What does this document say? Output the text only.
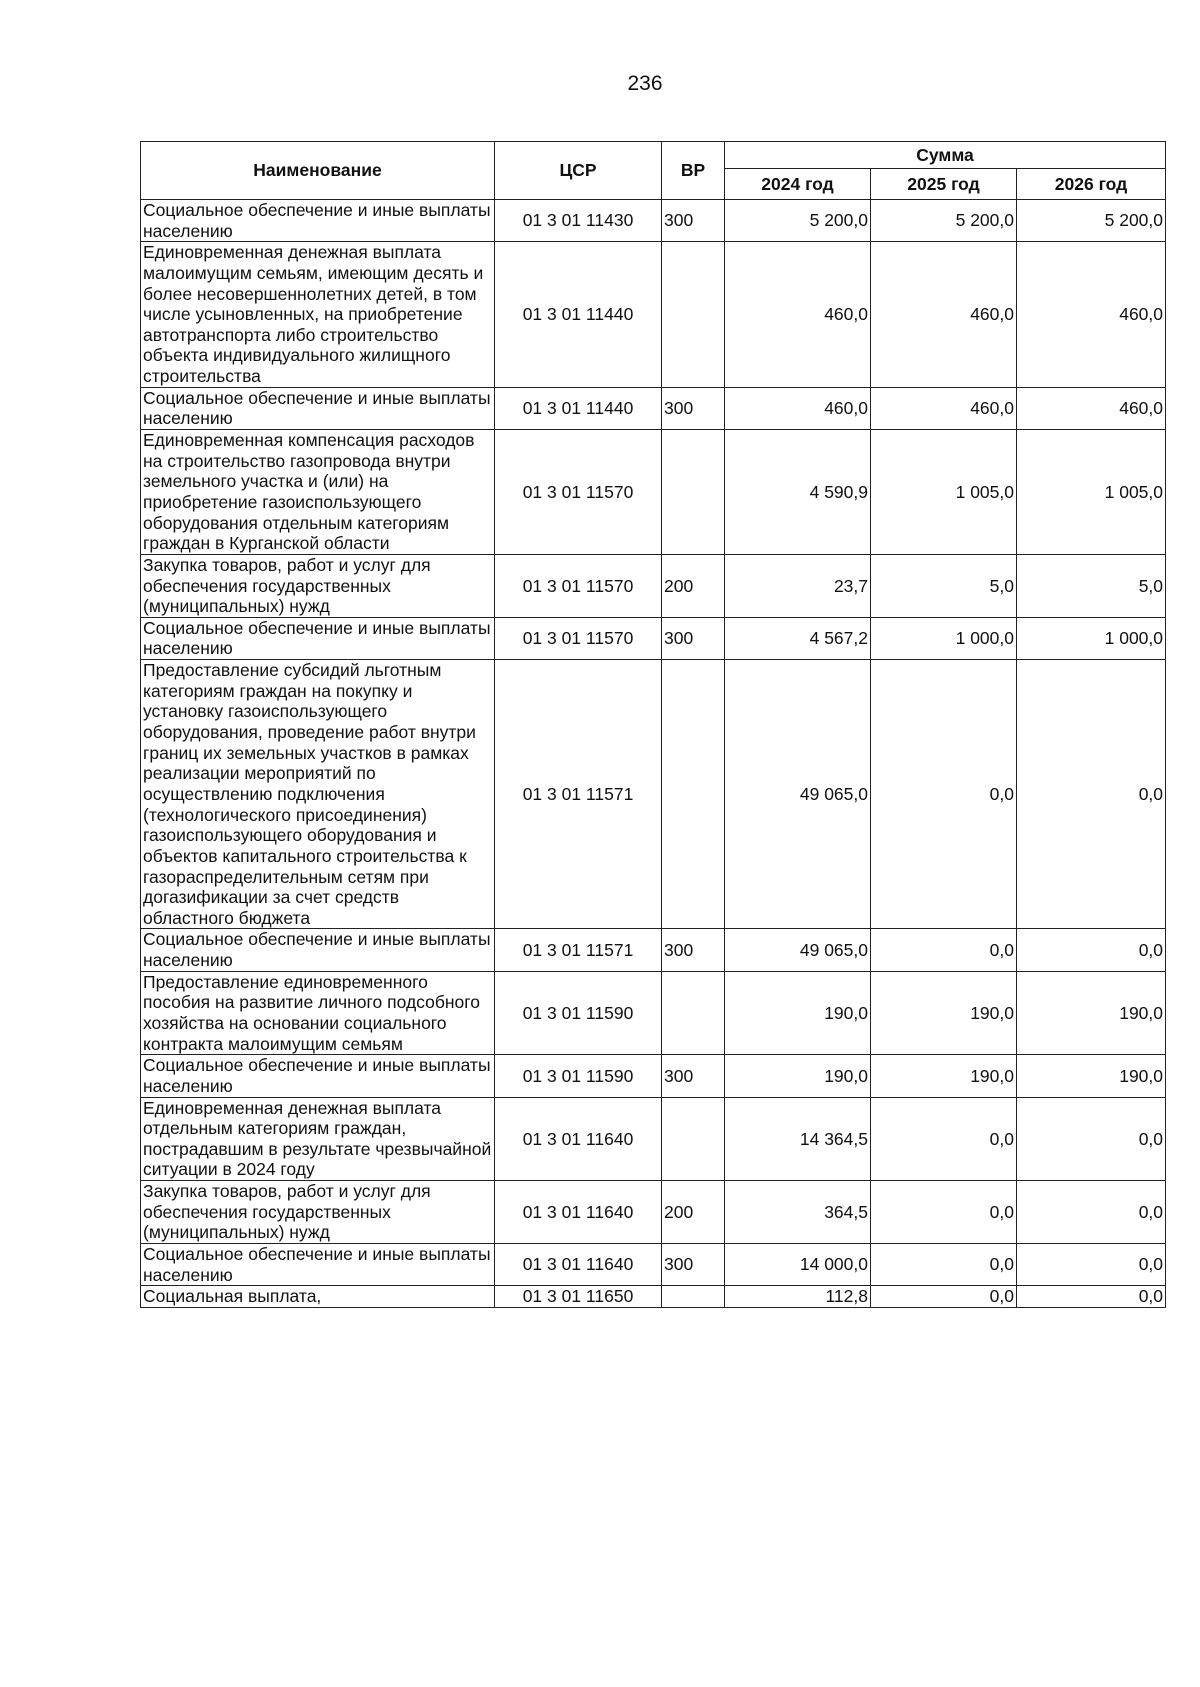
236
Наименование	ЦСР	ВР	Сумма		
			2024 год	2025 год	2026 год
Социальное обеспечение и иные выплаты населению	01 3 01 11430	300	5 200,0	5 200,0	5 200,0
Единовременная денежная выплата малоимущим семьям, имеющим десять и более несовершеннолетних детей, в том числе усыновленных, на приобретение автотранспорта либо строительство объекта индивидуального жилищного строительства	01 3 01 11440		460,0	460,0	460,0
Социальное обеспечение и иные выплаты населению	01 3 01 11440	300	460,0	460,0	460,0
Единовременная компенсация расходов на строительство газопровода внутри земельного участка и (или) на приобретение газоиспользующего оборудования отдельным категориям граждан в Курганской области	01 3 01 11570		4 590,9	1 005,0	1 005,0
Закупка товаров, работ и услуг для обеспечения государственных (муниципальных) нужд	01 3 01 11570	200	23,7	5,0	5,0
Социальное обеспечение и иные выплаты населению	01 3 01 11570	300	4 567,2	1 000,0	1 000,0
Предоставление субсидий льготным категориям граждан на покупку и установку газоиспользующего оборудования, проведение работ внутри границ их земельных участков в рамках реализации мероприятий по осуществлению подключения (технологического присоединения) газоиспользующего оборудования и объектов капитального строительства к газораспределительным сетям при догазификации за счет средств областного бюджета	01 3 01 11571		49 065,0	0,0	0,0
Социальное обеспечение и иные выплаты населению	01 3 01 11571	300	49 065,0	0,0	0,0
Предоставление единовременного пособия на развитие личного подсобного хозяйства на основании социального контракта малоимущим семьям	01 3 01 11590		190,0	190,0	190,0
Социальное обеспечение и иные выплаты населению	01 3 01 11590	300	190,0	190,0	190,0
Единовременная денежная выплата отдельным категориям граждан, пострадавшим в результате чрезвычайной ситуации в 2024 году	01 3 01 11640		14 364,5	0,0	0,0
Закупка товаров, работ и услуг для обеспечения государственных (муниципальных) нужд	01 3 01 11640	200	364,5	0,0	0,0
Социальное обеспечение и иные выплаты населению	01 3 01 11640	300	14 000,0	0,0	0,0
Социальная выплата,	01 3 01 11650		112,8	0,0	0,0
